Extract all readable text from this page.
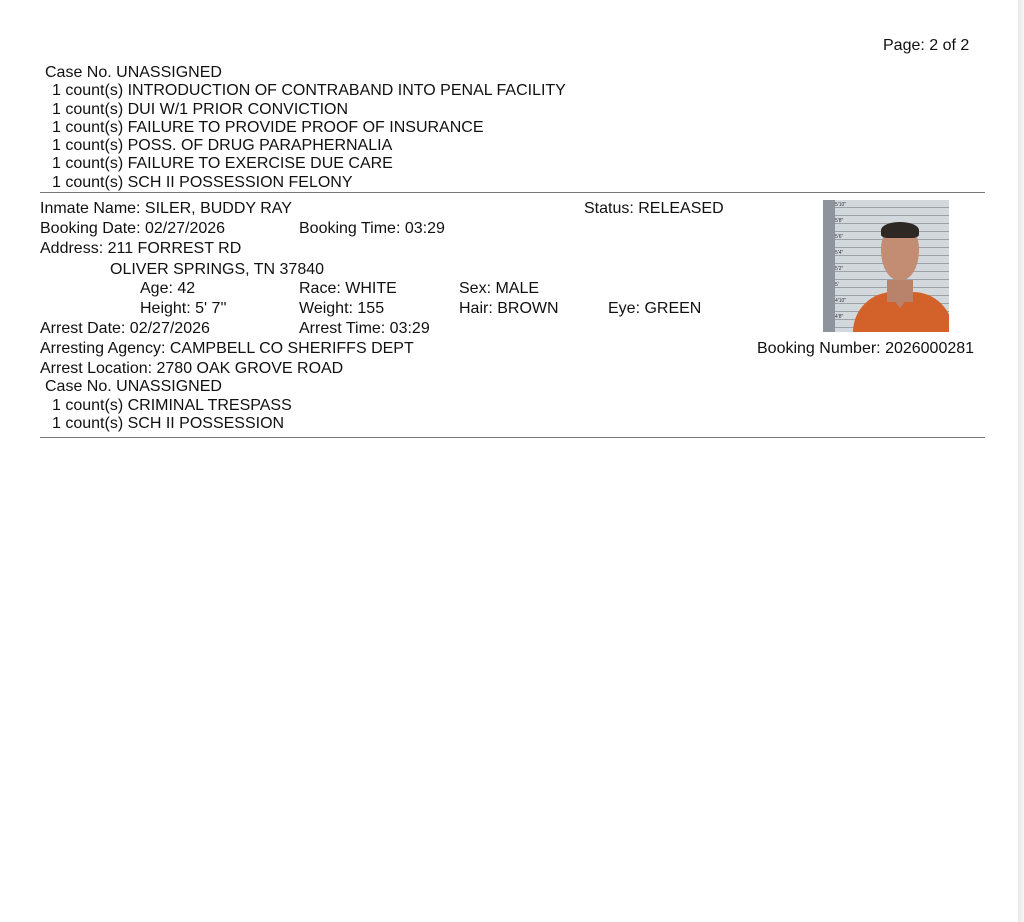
Page: 2 of 2
Case No. UNASSIGNED
1 count(s) INTRODUCTION OF CONTRABAND INTO PENAL FACILITY
1 count(s) DUI W/1 PRIOR CONVICTION
1 count(s) FAILURE TO PROVIDE PROOF OF INSURANCE
1 count(s) POSS. OF DRUG PARAPHERNALIA
1 count(s) FAILURE TO EXERCISE DUE CARE
1 count(s) SCH II POSSESSION FELONY
Inmate Name: SILER, BUDDY RAY	Status: RELEASED
Booking Date: 02/27/2026	Booking Time: 03:29
Address: 211 FORREST RD
OLIVER SPRINGS, TN 37840
Age: 42	Race: WHITE	Sex: MALE
Height: 5' 7''	Weight: 155	Hair: BROWN	Eye: GREEN
Arrest Date: 02/27/2026	Arrest Time: 03:29
Arresting Agency: CAMPBELL CO SHERIFFS DEPT	Booking Number: 2026000281
Arrest Location: 2780 OAK GROVE ROAD
Case No. UNASSIGNED
1 count(s) CRIMINAL TRESPASS
1 count(s) SCH II POSSESSION
5'10"
5'8"
5'6"
5'4"
5'2"
5'
4'10"
4'8"
